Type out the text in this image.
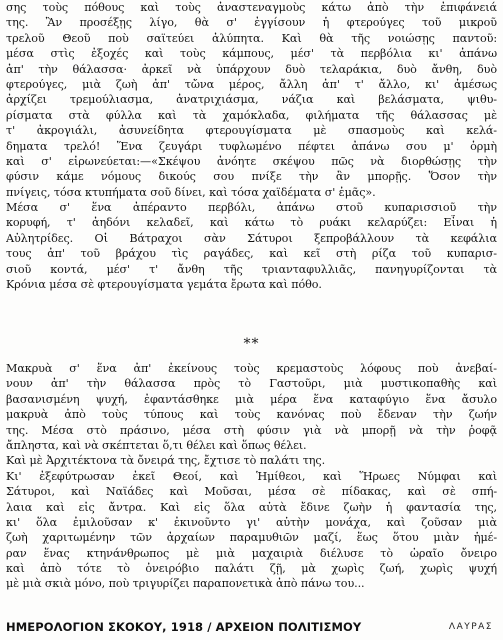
σης τοὺς πόθους καὶ τοὺς ἀναστεναγμοὺς κάτω ἀπὸ τὴν ἐπιφάνειά
της. Ἂν προσέξῃς λίγο, θὰ σ' ἐγγίσουν ἡ φτερούγες τοῦ μικροῦ
τρελοῦ Θεοῦ ποὺ σαϊτεύει ἀλύπητα. Καὶ θὰ τῆς νοιώσῃς παντοῦ:
μέσα στὶς ἐξοχές καὶ τοὺς κάμπους, μέσ' τὰ περβόλια κι' ἀπάνω
ἀπ' τὴν θάλασσα· ἀρκεῖ νὰ ὑπάρχουν δυὸ τελαράκια, δυὸ ἄνθη, δυὸ
φτερούγες, μιὰ ζωὴ ἀπ' τὤνα μέρος, ἄλλη ἀπ' τ' ἄλλο, κι' ἀμέσως
ἀρχίζει τρεμούλιασμα, ἀνατριχιάσμα, νάζια καὶ βελάσματα, ψιθυ-
ρίσματα στὰ φύλλα καὶ τὰ χαμόκλαδα, φιλήματα τῆς θάλασσας μὲ
τ' ἀκρογιάλι, ἀσυνείδητα φτερουγίσματα μὲ σπασμοὺς καὶ κελά-
δηματα τρελό! Ἕνα ζευγάρι τυφλωμένο πέφτει ἀπάνω σου μ' ὁρμὴ
καὶ σ' εἰρωνεύεται:—«Σκέψου ἀνόητε σκέψου πῶς νὰ διορθώσῃς τὴν
φύσιν κάμε νόμους δικούς σου πνίξε τὴν ἂν μπορῇς. Ὅσον τὴν
πνίγεις, τόσα κτυπήματα σοῦ δίνει, καὶ τόσα χαϊδέματα σ' ἐμᾶς».
Μέσα σ' ἕνα ἀπέραντο περβόλι, ἀπάνω στοῦ κυπαρισσιοῦ τὴν
κορυφή, τ' ἀηδόνι κελαδεῖ, καὶ κάτω τὸ ρυάκι κελαρύζει: Εἶναι ἡ
Αὐλητρίδες. Οἱ Βάτραχοι σὰν Σάτυροι ξεπροβάλλουν τὰ κεφάλια
τους ἀπ' τοῦ βράχου τὶς ραγάδες, καὶ κεῖ στὴ ρίζα τοῦ κυπαρισ-
σιοῦ κοντά, μέσ' τ' ἄνθη τῆς τριανταφυλλιᾶς, πανηγυρίζονται τὰ
Κρόνια μέσα σὲ φτερουγίσματα γεμάτα ἔρωτα καὶ πόθο.
**
Μακρυὰ σ' ἕνα ἀπ' ἐκείνους τοὺς κρεμαστοὺς λόφους ποὺ ἀνεβαί-
νουν ἀπ' τὴν θάλασσα πρὸς τὸ Γαστοῦρι, μιὰ μυστικοπαθὴς καὶ
βασανισμένη ψυχή, ἐφαντάσθηκε μιὰ μέρα ἕνα καταφύγιο ἕνα ἄσυλο
μακρυὰ ἀπὸ τοὺς τύπους καὶ τοὺς κανόνας ποὺ ἔδεναν τὴν ζωήν
της. Μέσα στὸ πράσινο, μέσα στὴ φύσιν γιὰ νὰ μπορῇ νὰ τὴν ῥοφᾷ
ἄπληστα, καὶ νὰ σκέπτεται ὅ,τι θέλει καὶ ὅπως θέλει.
Καὶ μὲ Ἀρχιτέκτονα τὰ ὄνειρά της, ἔχτισε τὸ παλάτι της.
Κι' ἐξεφύτρωσαν ἐκεῖ Θεοί, καὶ Ἡμίθεοι, καὶ Ἥρωες Νύμφαι καὶ
Σάτυροι, καὶ Ναϊάδες καὶ Μοῦσαι, μέσα σὲ πίδακας, καὶ σὲ σπή-
λαια καὶ εἰς ἄντρα. Καὶ εἰς ὅλα αὐτὰ ἔδινε ζωὴν ἡ φαντασία της,
κι' ὅλα ἐμιλοῦσαν κ' ἐκινοῦντο γι' αὐτὴν μονάχα, καὶ ζοῦσαν μιὰ
ζωὴ χαριτωμένην τῶν ἀρχαίων παραμυθιῶν μαζί, ἕως ὅτου μιὰν ἡμέ-
ραν ἕνας κτηνάνθρωπος μὲ μιὰ μαχαιριὰ διέλυσε τὸ ὡραῖο ὄνειρο
καὶ ἀπὸ τότε τὸ ὀνειρόβιο παλάτι ζῇ, μὰ χωρὶς ζωή, χωρὶς ψυχή
μὲ μιὰ σκιὰ μόνο, ποὺ τριγυρίζει παραπονετικὰ ἀπὸ πάνω του...
ΗΜΕΡΟΛΟΓΙΟΝ ΣΚΟΚΟΥ, 1918 / ΑΡΧΕΙΟΝ ΠΟΛΙΤΙΣΜΟΥ	ΛΑΥΡΑΣ
